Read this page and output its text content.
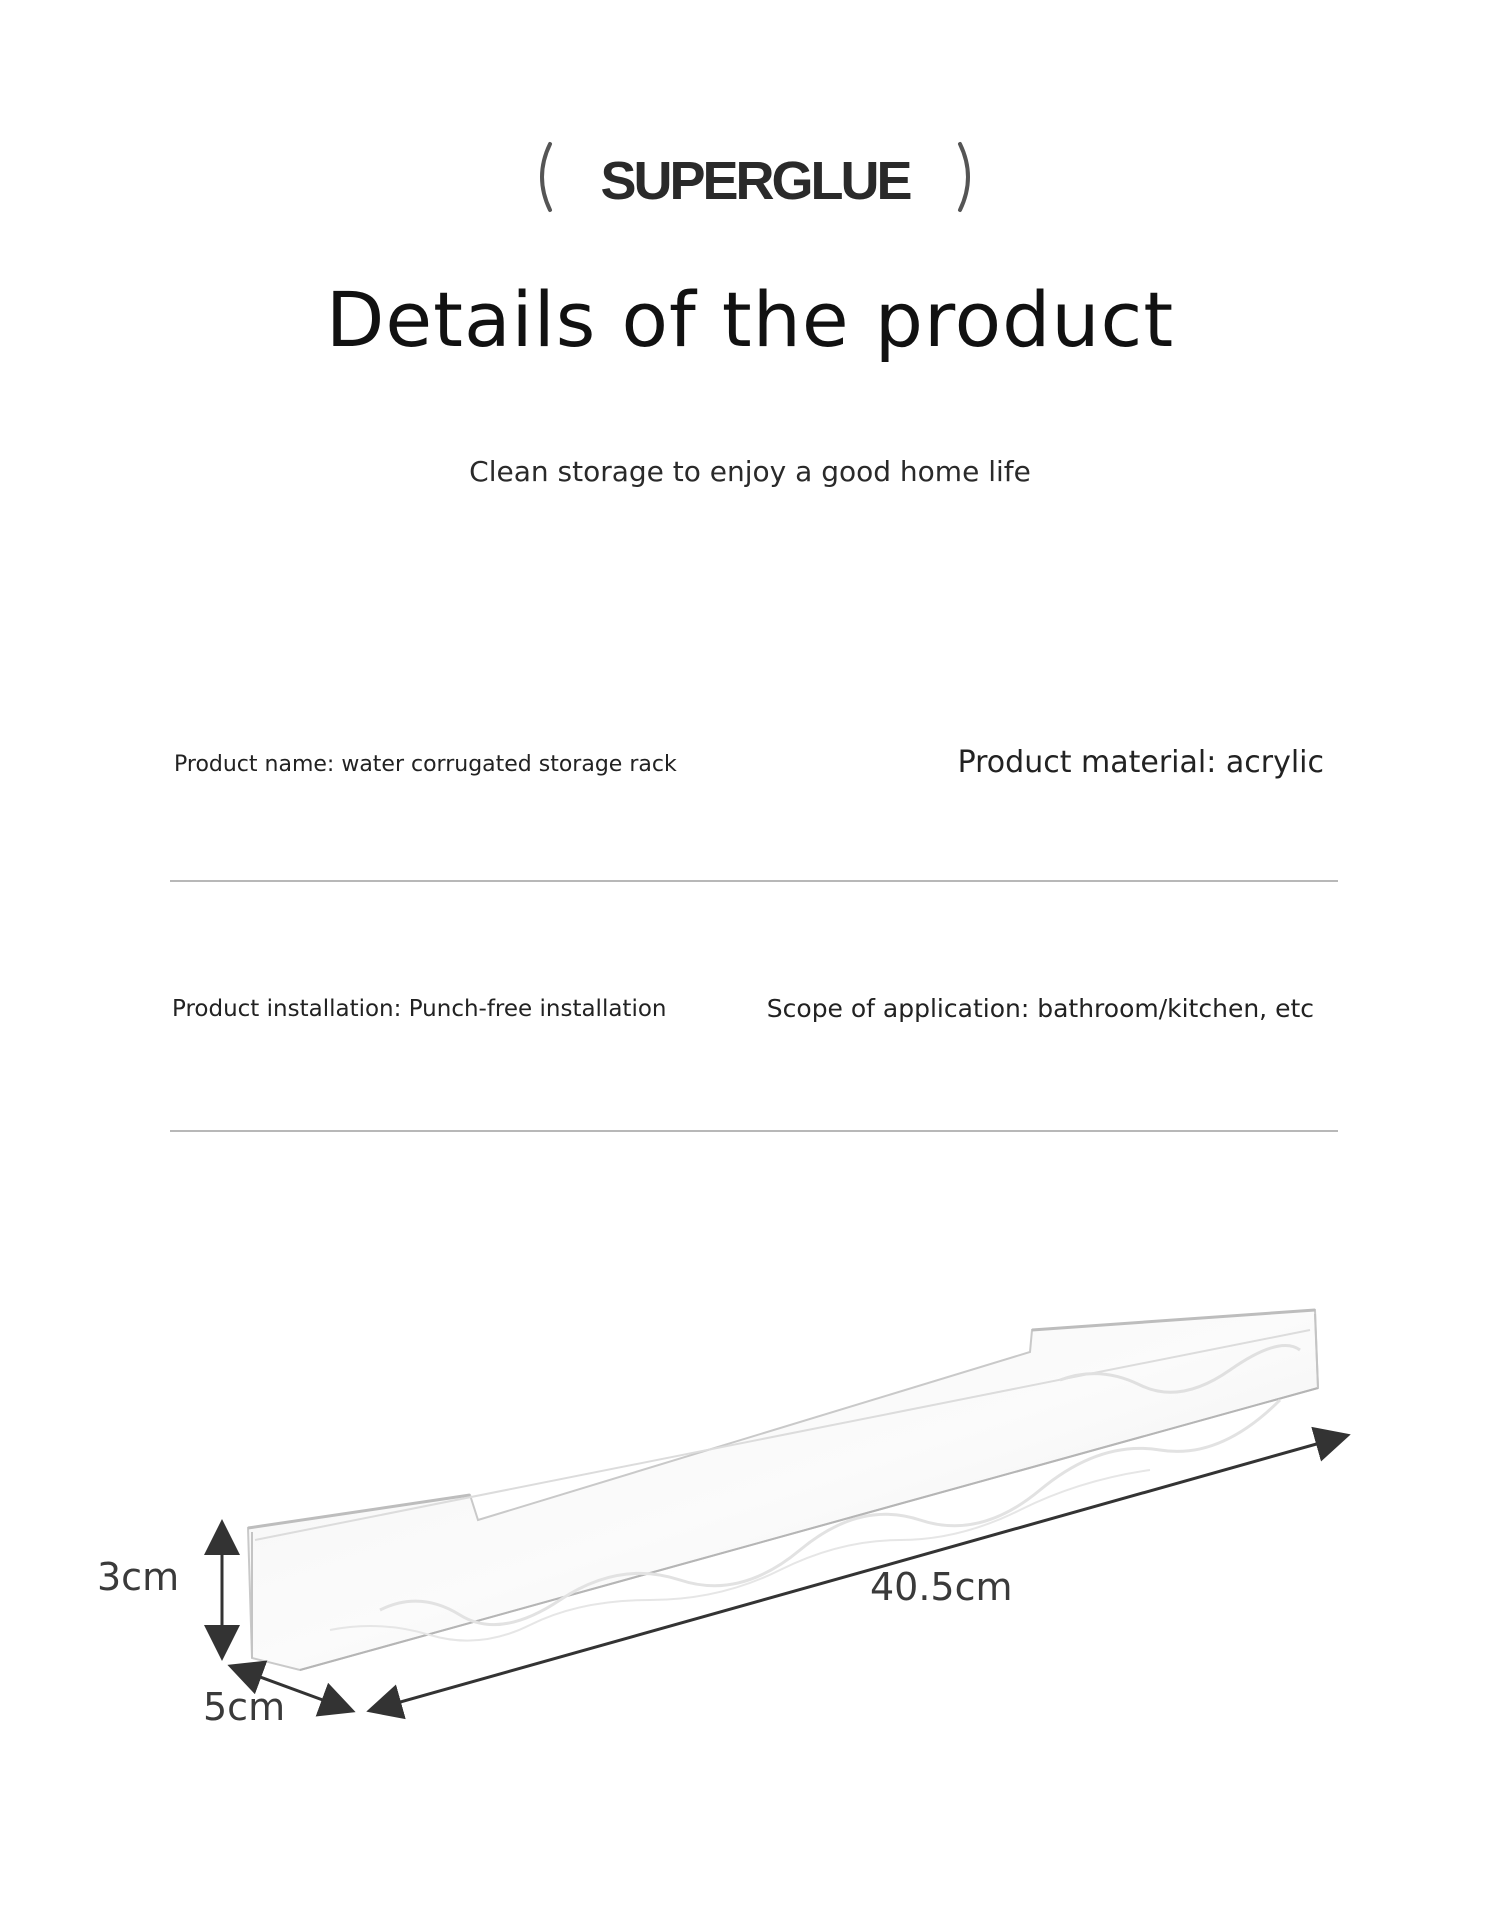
SUPERGLUE
Details of the product
Clean storage to enjoy a good home life
Product name: water corrugated storage rack	Product material: acrylic
Product installation: Punch-free installation	Scope of application: bathroom/kitchen, etc
3cm
5cm
40.5cm
